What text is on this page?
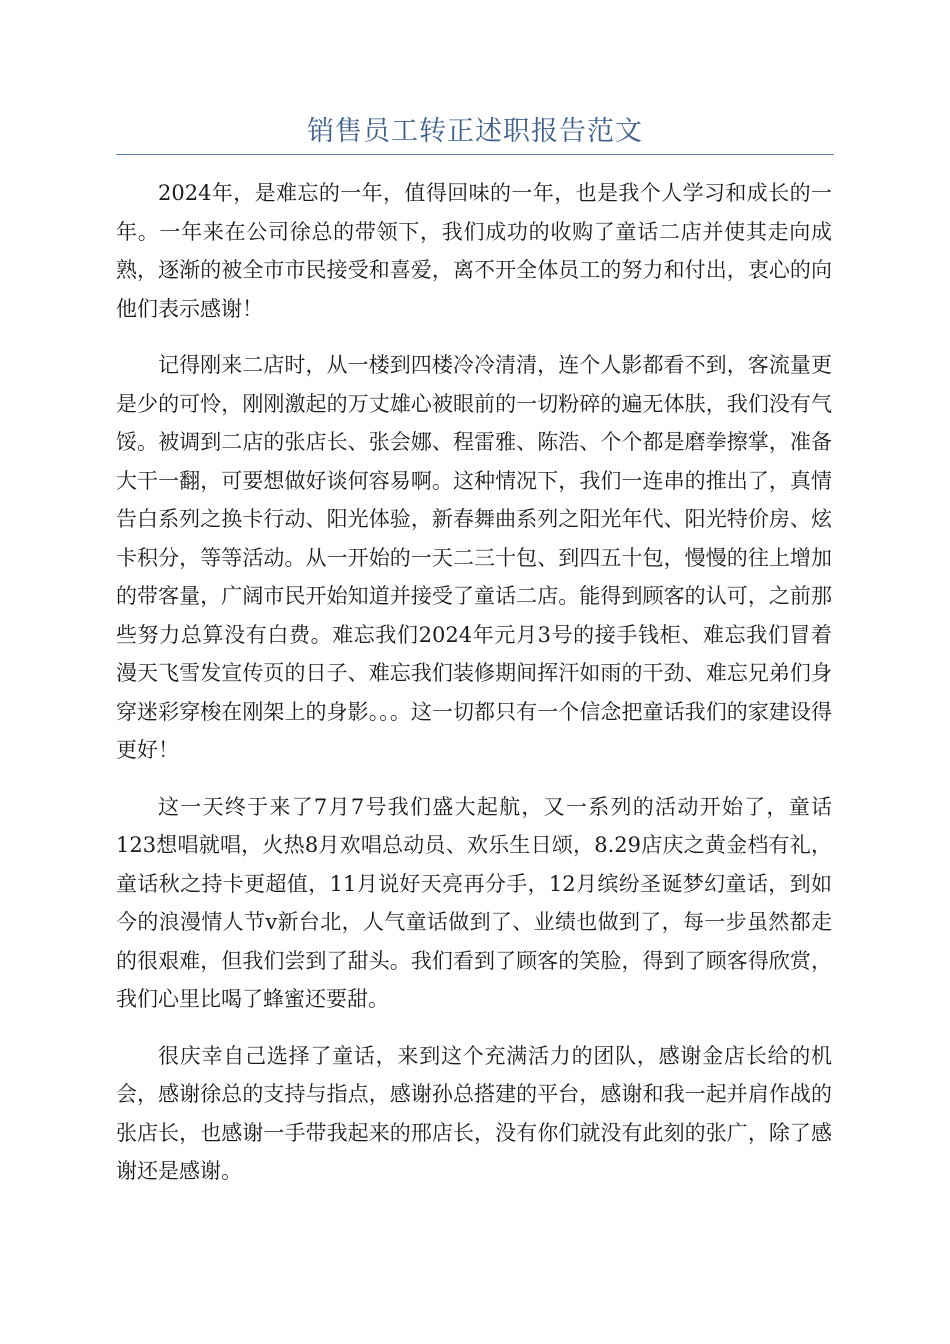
销售员工转正述职报告范文

2024年，是难忘的一年，值得回味的一年，也是我个人学习和成长的一年。一年来在公司徐总的带领下，我们成功的收购了童话二店并使其走向成熟，逐渐的被全市市民接受和喜爱，离不开全体员工的努力和付出，衷心的向他们表示感谢！

记得刚来二店时，从一楼到四楼冷冷清清，连个人影都看不到，客流量更是少的可怜，刚刚激起的万丈雄心被眼前的一切粉碎的遍无体肤，我们没有气馁。被调到二店的张店长、张会娜、程雷雅、陈浩、个个都是磨拳擦掌，准备大干一翻，可要想做好谈何容易啊。这种情况下，我们一连串的推出了，真情告白系列之换卡行动、阳光体验，新春舞曲系列之阳光年代、阳光特价房、炫卡积分，等等活动。从一开始的一天二三十包、到四五十包，慢慢的往上增加的带客量，广阔市民开始知道并接受了童话二店。能得到顾客的认可，之前那些努力总算没有白费。难忘我们2024年元月3号的接手钱柜、难忘我们冒着漫天飞雪发宣传页的日子、难忘我们装修期间挥汗如雨的干劲、难忘兄弟们身穿迷彩穿梭在刚架上的身影。。。这一切都只有一个信念把童话我们的家建设得更好！

这一天终于来了7月7号我们盛大起航，又一系列的活动开始了，童话123想唱就唱，火热8月欢唱总动员、欢乐生日颂，8.29店庆之黄金档有礼，童话秋之持卡更超值，11月说好天亮再分手，12月缤纷圣诞梦幻童话，到如今的浪漫情人节v新台北，人气童话做到了、业绩也做到了，每一步虽然都走的很艰难，但我们尝到了甜头。我们看到了顾客的笑脸，得到了顾客得欣赏，我们心里比喝了蜂蜜还要甜。

很庆幸自己选择了童话，来到这个充满活力的团队，感谢金店长给的机会，感谢徐总的支持与指点，感谢孙总搭建的平台，感谢和我一起并肩作战的张店长，也感谢一手带我起来的邢店长，没有你们就没有此刻的张广，除了感谢还是感谢。
